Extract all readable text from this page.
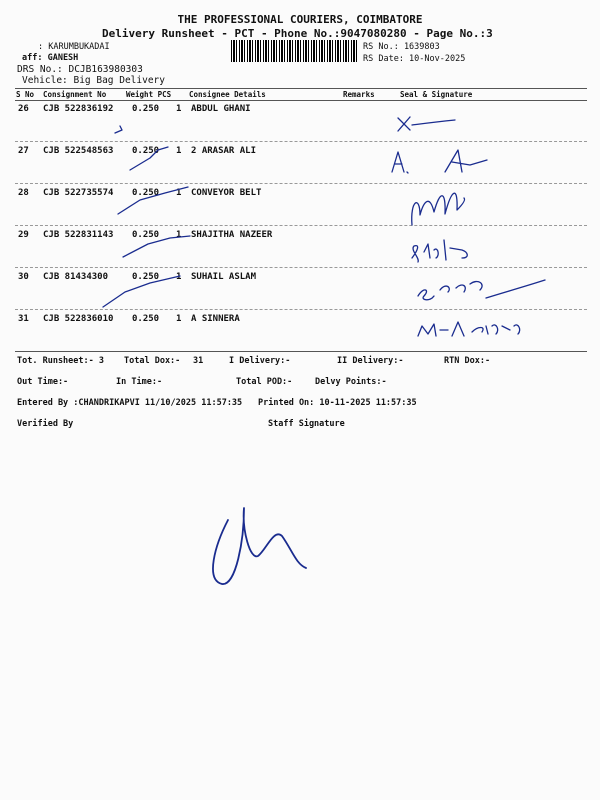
THE PROFESSIONAL COURIERS, COIMBATORE
Delivery Runsheet - PCT - Phone No.:9047080280 - Page No.:3
: KARUMBUKADAI
aff: GANESH
DRS No.: DCJB163980303
Vehicle: Big Bag Delivery
RS No.: 1639803
RS Date: 10-Nov-2025
S No Consignment No	Weight PCS Consignee Details	Remarks	Seal & Signature
26 CJB 522836192 0.250 1 ABDUL GHANI
27 CJB 522548563 0.250 1 2 ARASAR ALI
28 CJB 522735574 0.250 1 CONVEYOR BELT
29 CJB 522831143 0.250 1 SHAJITHA NAZEER
30 CJB 81434300	0.250 1 SUHAIL ASLAM
31 CJB 522836010 0.250 1 A SINNERA
Tot. Runsheet:- 3 Total Dox:- 31	I Delivery:-	II Delivery:-	RTN Dox:-
Out Time:-	In Time:-	Total POD:-	Delvy Points:-
Entered By :CHANDRIKAPVI 11/10/2025 11:57:35 Printed On: 10-11-2025 11:57:35
Verified By	Staff Signature
